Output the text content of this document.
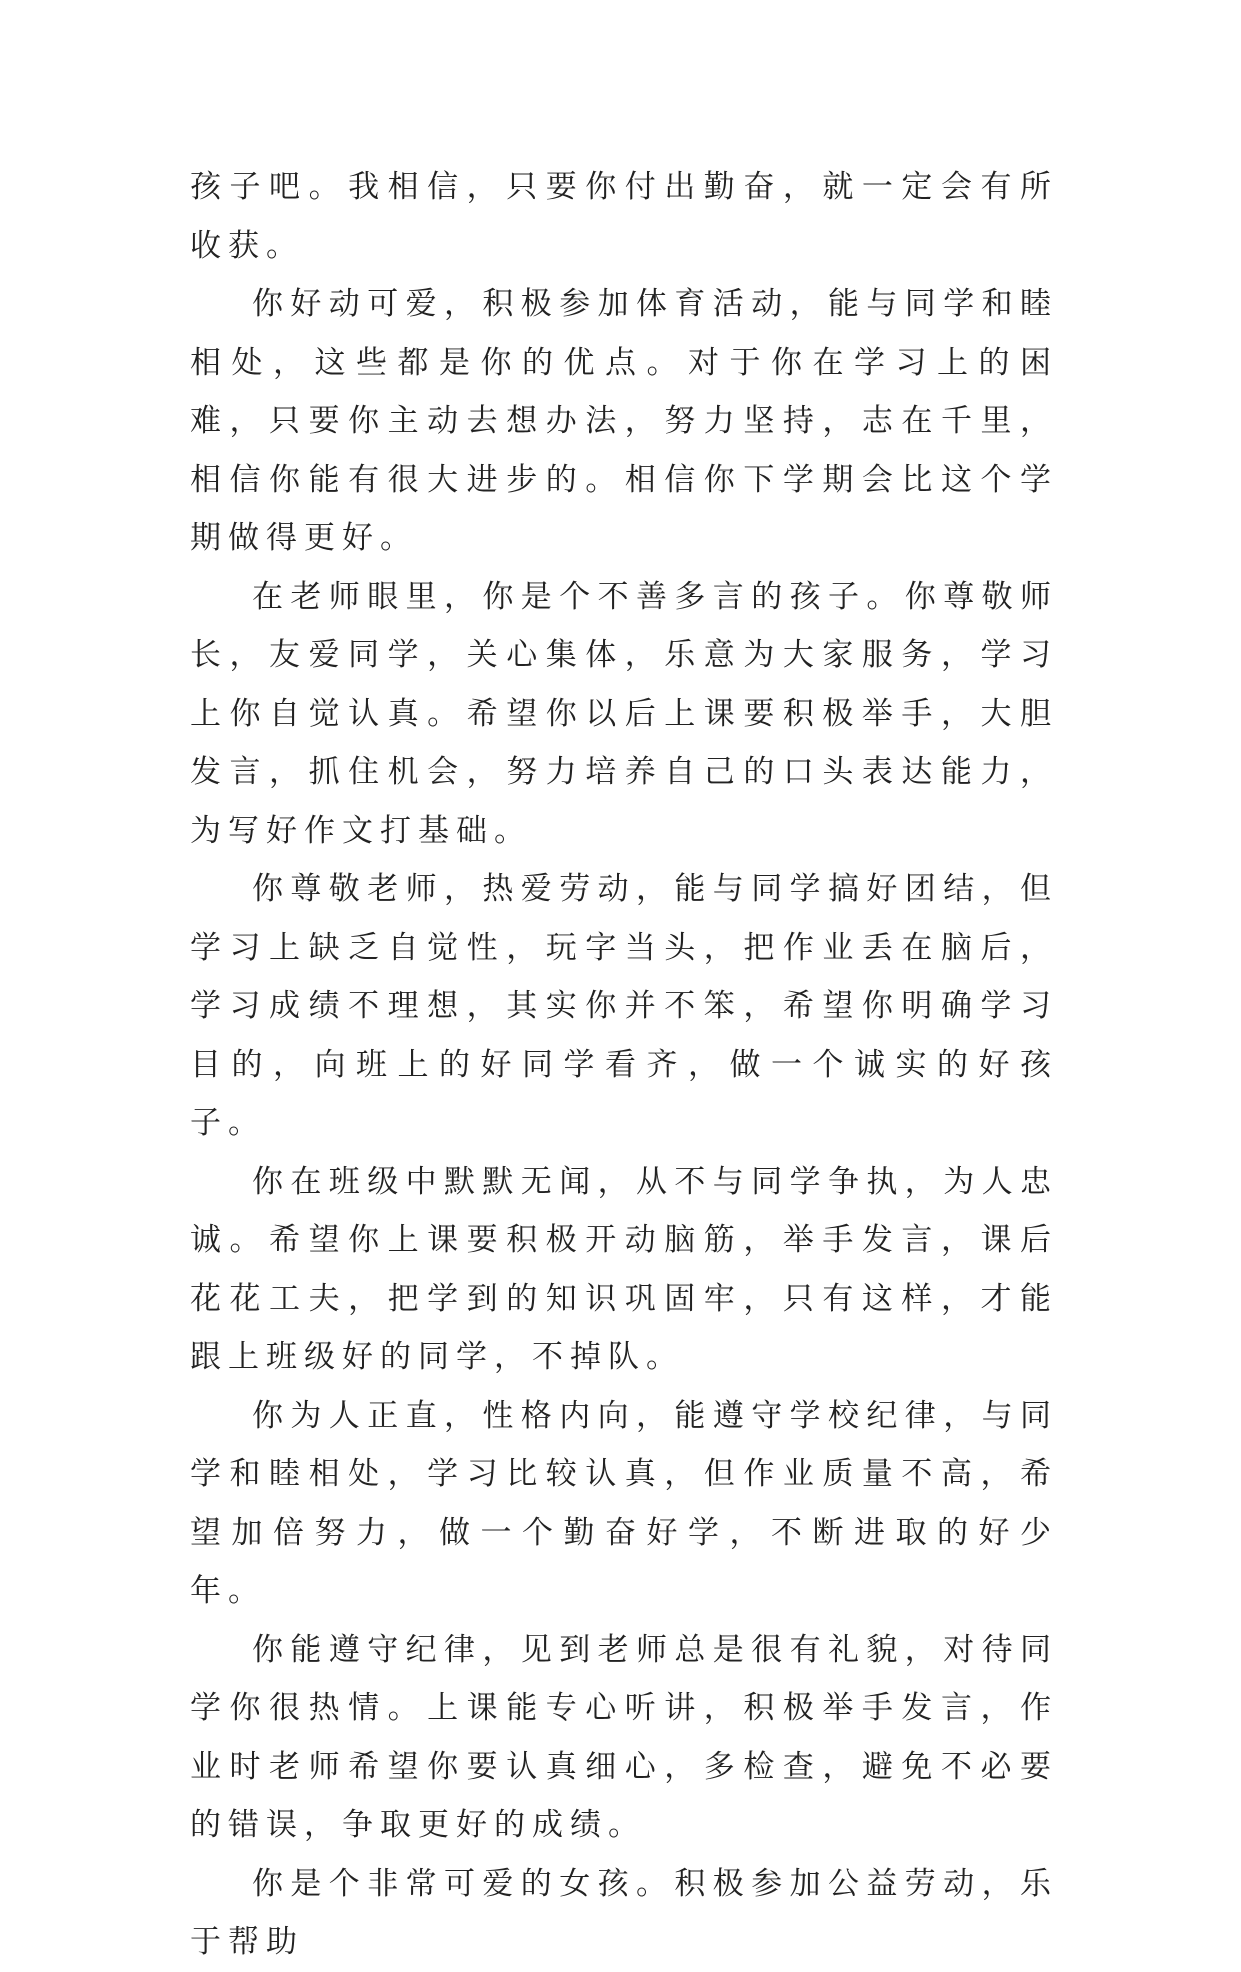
孩子吧。我相信，只要你付出勤奋，就一定会有所收获。

你好动可爱，积极参加体育活动，能与同学和睦相处，这些都是你的优点。对于你在学习上的困难，只要你主动去想办法，努力坚持，志在千里，相信你能有很大进步的。相信你下学期会比这个学期做得更好。

在老师眼里，你是个不善多言的孩子。你尊敬师长，友爱同学，关心集体，乐意为大家服务，学习上你自觉认真。希望你以后上课要积极举手，大胆发言，抓住机会，努力培养自己的口头表达能力，为写好作文打基础。

你尊敬老师，热爱劳动，能与同学搞好团结，但学习上缺乏自觉性，玩字当头，把作业丢在脑后，学习成绩不理想，其实你并不笨，希望你明确学习目的，向班上的好同学看齐，做一个诚实的好孩子。

你在班级中默默无闻，从不与同学争执，为人忠诚。希望你上课要积极开动脑筋，举手发言，课后花花工夫，把学到的知识巩固牢，只有这样，才能跟上班级好的同学，不掉队。

你为人正直，性格内向，能遵守学校纪律，与同学和睦相处，学习比较认真，但作业质量不高，希望加倍努力，做一个勤奋好学，不断进取的好少年。

你能遵守纪律，见到老师总是很有礼貌，对待同学你很热情。上课能专心听讲，积极举手发言，作业时老师希望你要认真细心，多检查，避免不必要的错误，争取更好的成绩。

你是个非常可爱的女孩。积极参加公益劳动，乐于帮助
